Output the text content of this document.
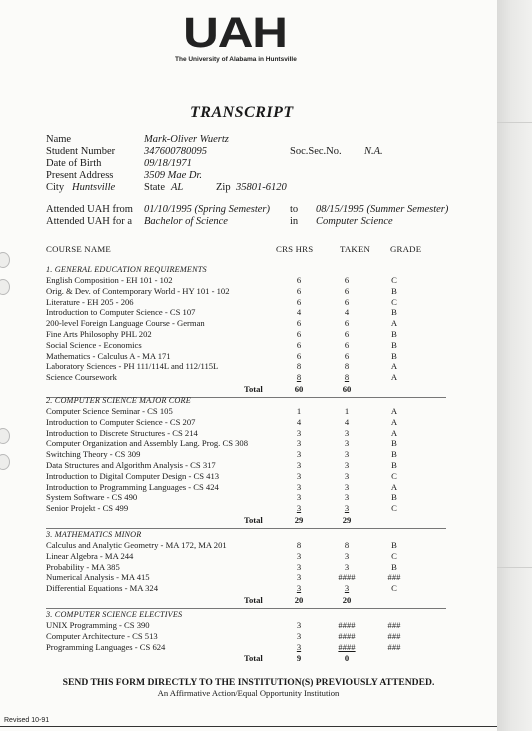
UAH
The University of Alabama in Huntsville
TRANSCRIPT
Name	Mark-Oliver Wuertz
Student Number	347600780095	Soc.Sec.No. N.A.
Date of Birth	09/18/1971
Present Address	3509 Mae Dr.
City Huntsville	State AL	Zip 35801-6120
Attended UAH from 01/10/1995 (Spring Semester) to 08/15/1995 (Summer Semester)
Attended UAH for a Bachelor of Science	in Computer Science
COURSE NAME	CRS HRS	TAKEN GRADE
1. GENERAL EDUCATION REQUIREMENTS
English Composition - EH 101 - 102	6	6	C
Orig. & Dev. of Contemporary World - HY 101 - 102	6	6	B
Literature - EH 205 - 206	6	6	C
Introduction to Computer Science - CS 107	4	4	B
200-level Foreign Language Course - German	6	6	A
Fine Arts Philosophy PHL 202	6	6	B
Social Science - Economics	6	6	B
Mathematics - Calculus A - MA 171	6	6	B
Laboratory Sciences - PH 111/114L and 112/115L	8	8	A
Science Coursework	8	8	A
Total	60	60
2. COMPUTER SCIENCE MAJOR CORE
Computer Science Seminar - CS 105	1	1	A
Introduction to Computer Science - CS 207	4	4	A
Introduction to Discrete Structures - CS 214	3	3	A
Computer Organization and Assembly Lang. Prog. CS 308	3	3	B
Switching Theory - CS 309	3	3	B
Data Structures and Algorithm Analysis - CS 317	3	3	B
Introduction to Digital Computer Design - CS 413	3	3	C
Introduction to Programming Languages - CS 424	3	3	A
System Software - CS 490	3	3	B
Senior Projekt - CS 499	3	3	C
Total	29	29
3. MATHEMATICS MINOR
Calculus and Analytic Geometry - MA 172, MA 201	8	8	B
Linear Algebra - MA 244	3	3	C
Probability - MA 385	3	3	B
Numerical Analysis - MA 415	3	####	###
Differential Equations - MA 324	3	3	C
Total	20	20
3. COMPUTER SCIENCE ELECTIVES
UNIX Programming - CS 390	3	####	###
Computer Architecture - CS 513	3	####	###
Programming Languages - CS 624	3	####	###
Total	9	0
SEND THIS FORM DIRECTLY TO THE INSTITUTION(S) PREVIOUSLY ATTENDED.
An Affirmative Action/Equal Opportunity Institution
Revised 10-91
